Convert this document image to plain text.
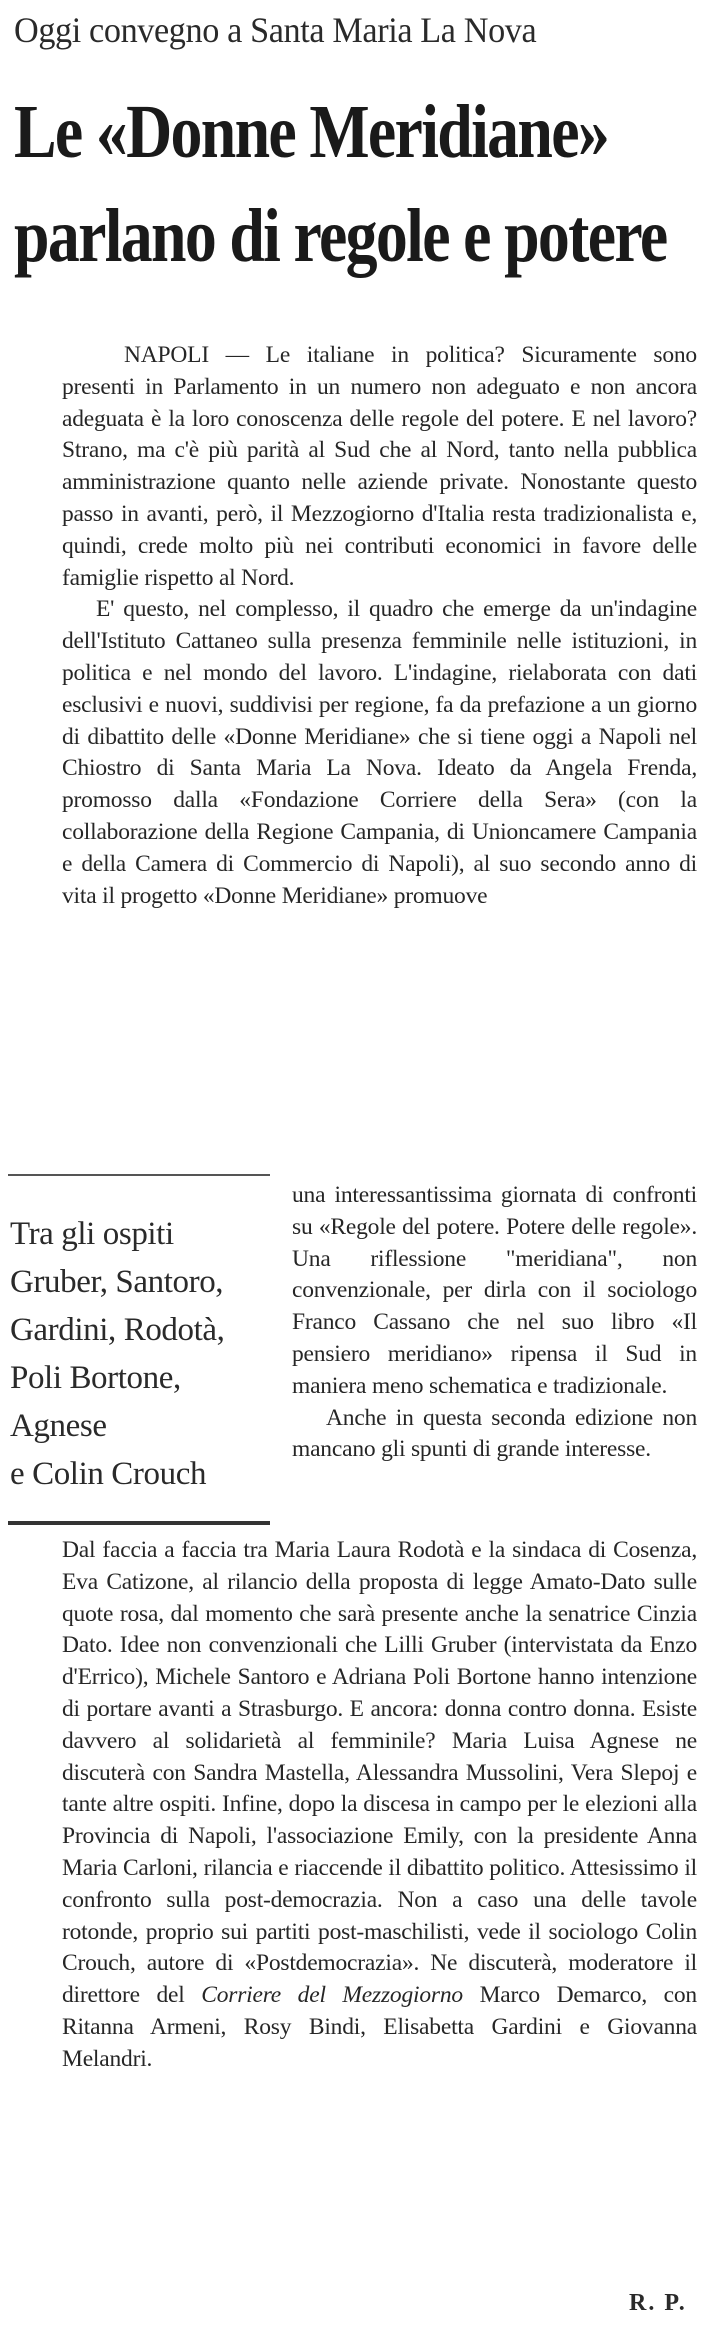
Oggi convegno a Santa Maria La Nova
Le «Donne Meridiane»
parlano di regole e potere

NAPOLI — Le italiane in politica? Sicuramente sono presenti in Parlamento in un numero non adeguato e non ancora adeguata è la loro conoscenza delle regole del potere. E nel lavoro? Strano, ma c'è più parità al Sud che al Nord, tanto nella pubblica amministrazione quanto nelle aziende private. Nonostante questo passo in avanti, però, il Mezzogiorno d'Italia resta tradizionalista e, quindi, crede molto più nei contributi economici in favore delle famiglie rispetto al Nord.

E' questo, nel complesso, il quadro che emerge da un'indagine dell'Istituto Cattaneo sulla presenza femminile nelle istituzioni, in politica e nel mondo del lavoro. L'indagine, rielaborata con dati esclusivi e nuovi, suddivisi per regione, fa da prefazione a un giorno di dibattito delle «Donne Meridiane» che si tiene oggi a Napoli nel Chiostro di Santa Maria La Nova. Ideato da Angela Frenda, promosso dalla «Fondazione Corriere della Sera» (con la collaborazione della Regione Campania, di Unioncamere Campania e della Camera di Commercio di Napoli), al suo secondo anno di vita il progetto «Donne Meridiane» promuove

Tra gli ospiti
Gruber, Santoro,
Gardini, Rodotà,
Poli Bortone,
Agnese
e Colin Crouch

una interessantissima giornata di confronti su «Regole del potere. Potere delle regole». Una riflessione "meridiana", non convenzionale, per dirla con il sociologo Franco Cassano che nel suo libro «Il pensiero meridiano» ripensa il Sud in maniera meno schematica e tradizionale.

Anche in questa seconda edizione non mancano gli spunti di grande interesse.

Dal faccia a faccia tra Maria Laura Rodotà e la sindaca di Cosenza, Eva Catizone, al rilancio della proposta di legge Amato-Dato sulle quote rosa, dal momento che sarà presente anche la senatrice Cinzia Dato. Idee non convenzionali che Lilli Gruber (intervistata da Enzo d'Errico), Michele Santoro e Adriana Poli Bortone hanno intenzione di portare avanti a Strasburgo. E ancora: donna contro donna. Esiste davvero al solidarietà al femminile? Maria Luisa Agnese ne discuterà con Sandra Mastella, Alessandra Mussolini, Vera Slepoj e tante altre ospiti. Infine, dopo la discesa in campo per le elezioni alla Provincia di Napoli, l'associazione Emily, con la presidente Anna Maria Carloni, rilancia e riaccende il dibattito politico. Attesissimo il confronto sulla post-democrazia. Non a caso una delle tavole rotonde, proprio sui partiti post-maschilisti, vede il sociologo Colin Crouch, autore di «Postdemocrazia». Ne discuterà, moderatore il direttore del Corriere del Mezzogiorno Marco Demarco, con Ritanna Armeni, Rosy Bindi, Elisabetta Gardini e Giovanna Melandri.

R. P.
